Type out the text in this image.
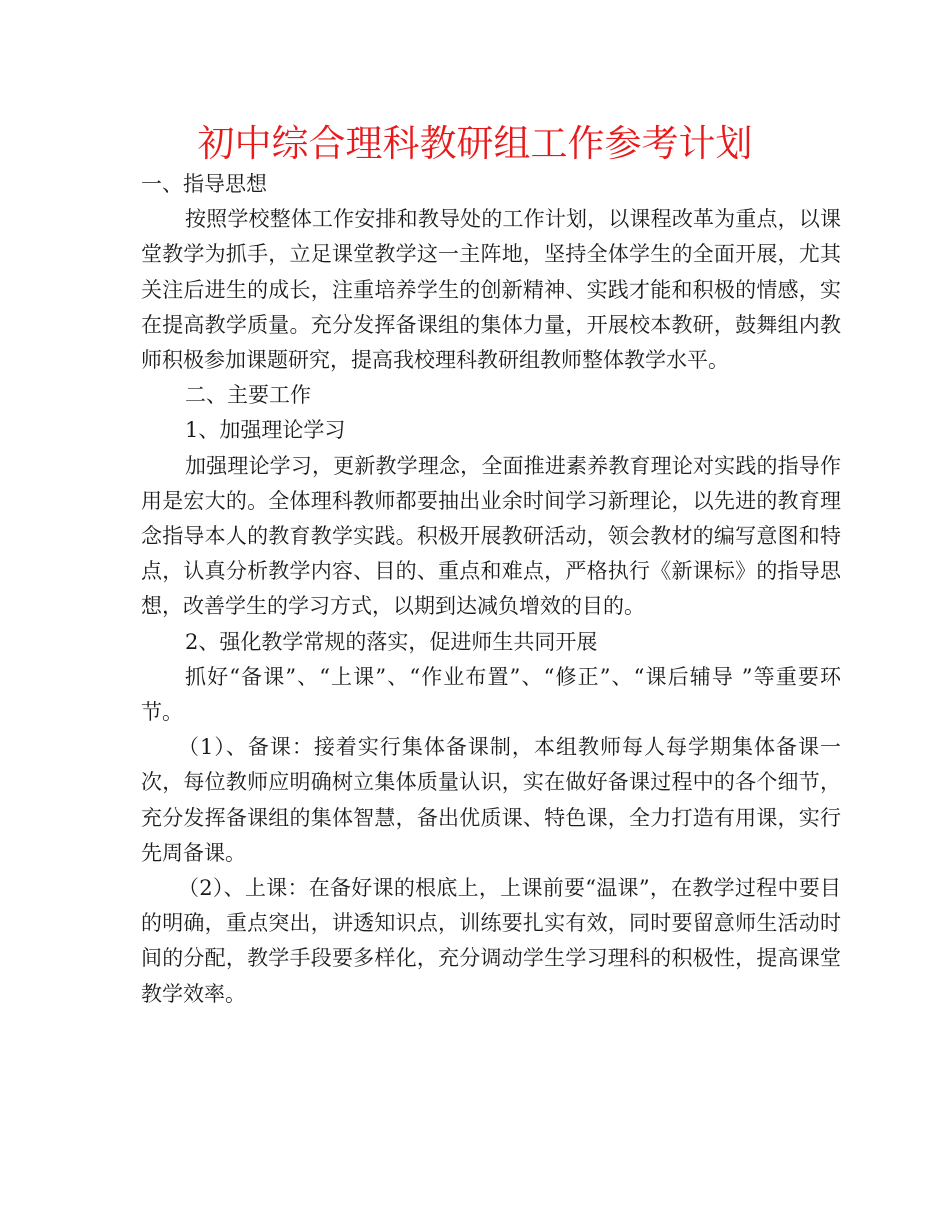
初中综合理科教研组工作参考计划

一、指导思想

按照学校整体工作安排和教导处的工作计划，以课程改革为重点，以课堂教学为抓手，立足课堂教学这一主阵地，坚持全体学生的全面开展，尤其关注后进生的成长，注重培养学生的创新精神、实践才能和积极的情感，实在提高教学质量。充分发挥备课组的集体力量，开展校本教研，鼓舞组内教师积极参加课题研究，提高我校理科教研组教师整体教学水平。

二、主要工作

1、加强理论学习

加强理论学习，更新教学理念，全面推进素养教育理论对实践的指导作用是宏大的。全体理科教师都要抽出业余时间学习新理论，以先进的教育理念指导本人的教育教学实践。积极开展教研活动，领会教材的编写意图和特点，认真分析教学内容、目的、重点和难点，严格执行《新课标》的指导思想，改善学生的学习方式，以期到达减负增效的目的。

2、强化教学常规的落实，促进师生共同开展

抓好“备课”、“上课”、“作业布置”、“修正”、“课后辅导 ”等重要环节。

（1）、备课：接着实行集体备课制，本组教师每人每学期集体备课一次，每位教师应明确树立集体质量认识，实在做好备课过程中的各个细节，充分发挥备课组的集体智慧，备出优质课、特色课，全力打造有用课，实行先周备课。

（2）、上课：在备好课的根底上，上课前要“温课”，在教学过程中要目的明确，重点突出，讲透知识点，训练要扎实有效，同时要留意师生活动时间的分配，教学手段要多样化，充分调动学生学习理科的积极性，提高课堂教学效率。
